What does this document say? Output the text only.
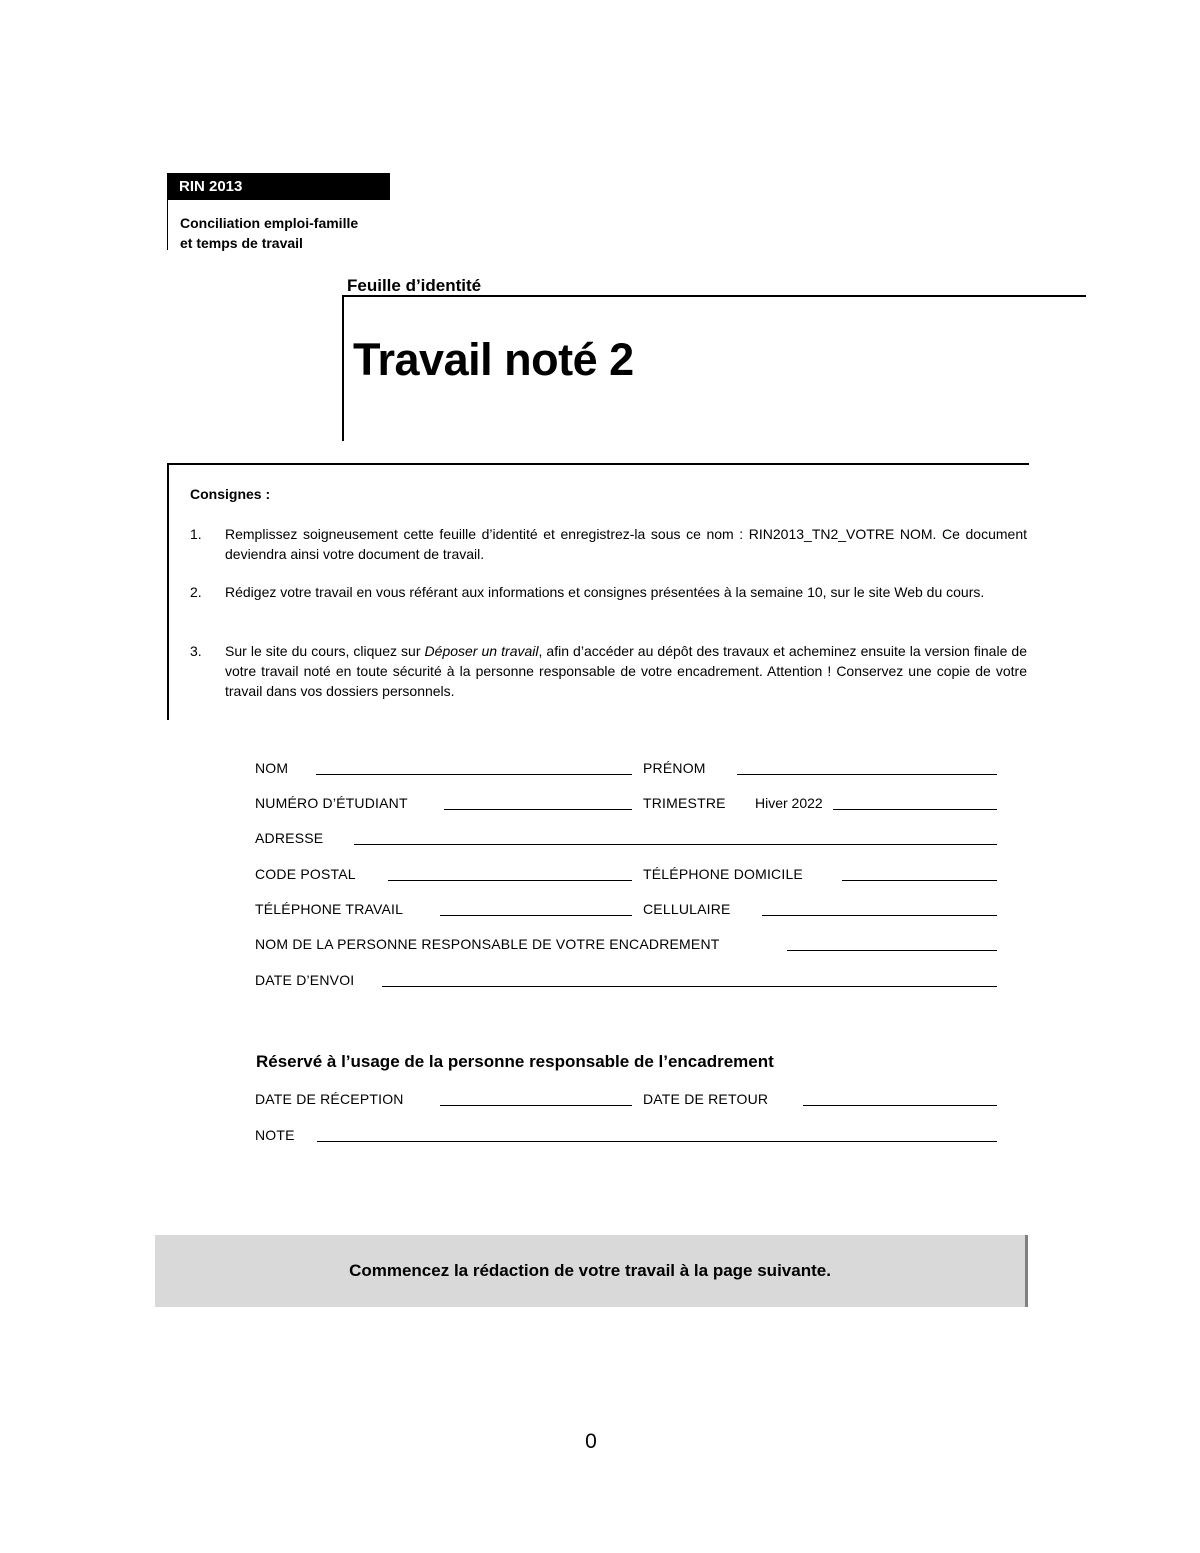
RIN 2013
Conciliation emploi-famille
et temps de travail
Feuille d’identité
Travail noté 2
Consignes :
1. Remplissez soigneusement cette feuille d’identité et enregistrez-la sous ce nom : RIN2013_TN2_VOTRE NOM. Ce document deviendra ainsi votre document de travail.
2. Rédigez votre travail en vous référant aux informations et consignes présentées à la semaine 10, sur le site Web du cours.
3. Sur le site du cours, cliquez sur Déposer un travail, afin d’accéder au dépôt des travaux et acheminez ensuite la version finale de votre travail noté en toute sécurité à la personne responsable de votre encadrement. Attention ! Conservez une copie de votre travail dans vos dossiers personnels.
NOM	PRÉNOM
NUMÉRO D’ÉTUDIANT	TRIMESTRE Hiver 2022
ADRESSE
CODE POSTAL	TÉLÉPHONE DOMICILE
TÉLÉPHONE TRAVAIL	CELLULAIRE
NOM DE LA PERSONNE RESPONSABLE DE VOTRE ENCADREMENT
DATE D’ENVOI
Réservé à l’usage de la personne responsable de l’encadrement
DATE DE RÉCEPTION	DATE DE RETOUR
NOTE
Commencez la rédaction de votre travail à la page suivante.
0
